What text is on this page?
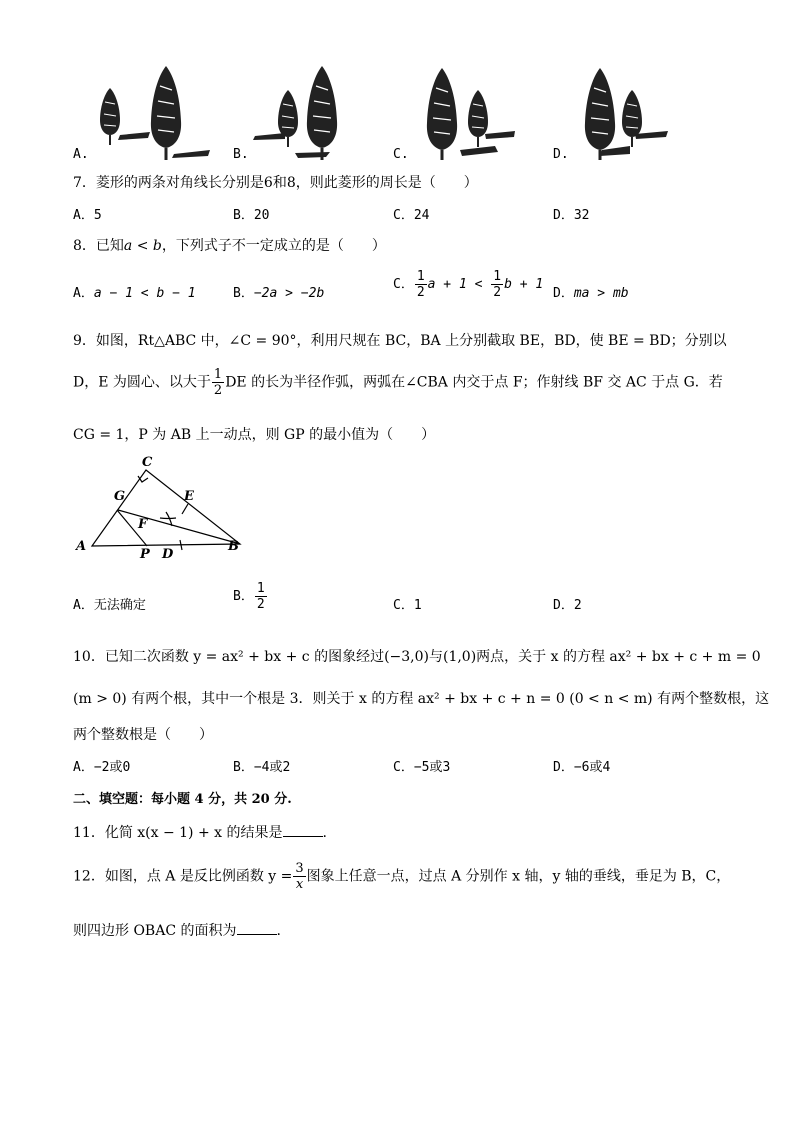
A.	B.	C.	D.
7．菱形的两条对角线长分别是6和8，则此菱形的周长是（　　）
A．5	B．20	C．24	D．32
8．已知a < b，下列式子不一定成立的是（　　）
A．a − 1 < b − 1	B．−2a > −2b
C． $\frac{1}{2}$ $a + 1 < \frac{1}{2}$ b + 1
D．ma > mb
9．如图，Rt△ABC 中，∠C = 90°，利用尺规在 BC，BA 上分别截取 BE，BD，使 BE = BD；分别以
D，E 为圆心、以大于 $\frac{1}{2}$ DE 的长为半径作弧，两弧在∠CBA 内交于点 F；作射线 BF 交 AC 于点 G．若
CG = 1，P 为 AB 上一动点，则 GP 的最小值为（　　）
C
G	E
F
A
P D
B
A．无法确定
B． $\frac{1}{2}$	C．1	D．2
10．已知二次函数 y = ax² + bx + c 的图象经过(−3,0)与(1,0)两点，关于 x 的方程 ax² + bx + c + m = 0
(m > 0) 有两个根，其中一个根是 3．则关于 x 的方程 ax² + bx + c + n = 0 (0 < n < m) 有两个整数根，这
两个整数根是（　　）
A．−2或0	B．−4或2	C．−5或3	D．−6或4
二、填空题：每小题 4 分，共 20 分.
11．化简 x(x − 1) + x 的结果是	.
12．如图，点 A 是反比例函数 $y = \frac{3}{x}$ 图象上任意一点，过点 A 分别作 x 轴，y 轴的垂线，垂足为 B，C，
则四边形 OBAC 的面积为	.
